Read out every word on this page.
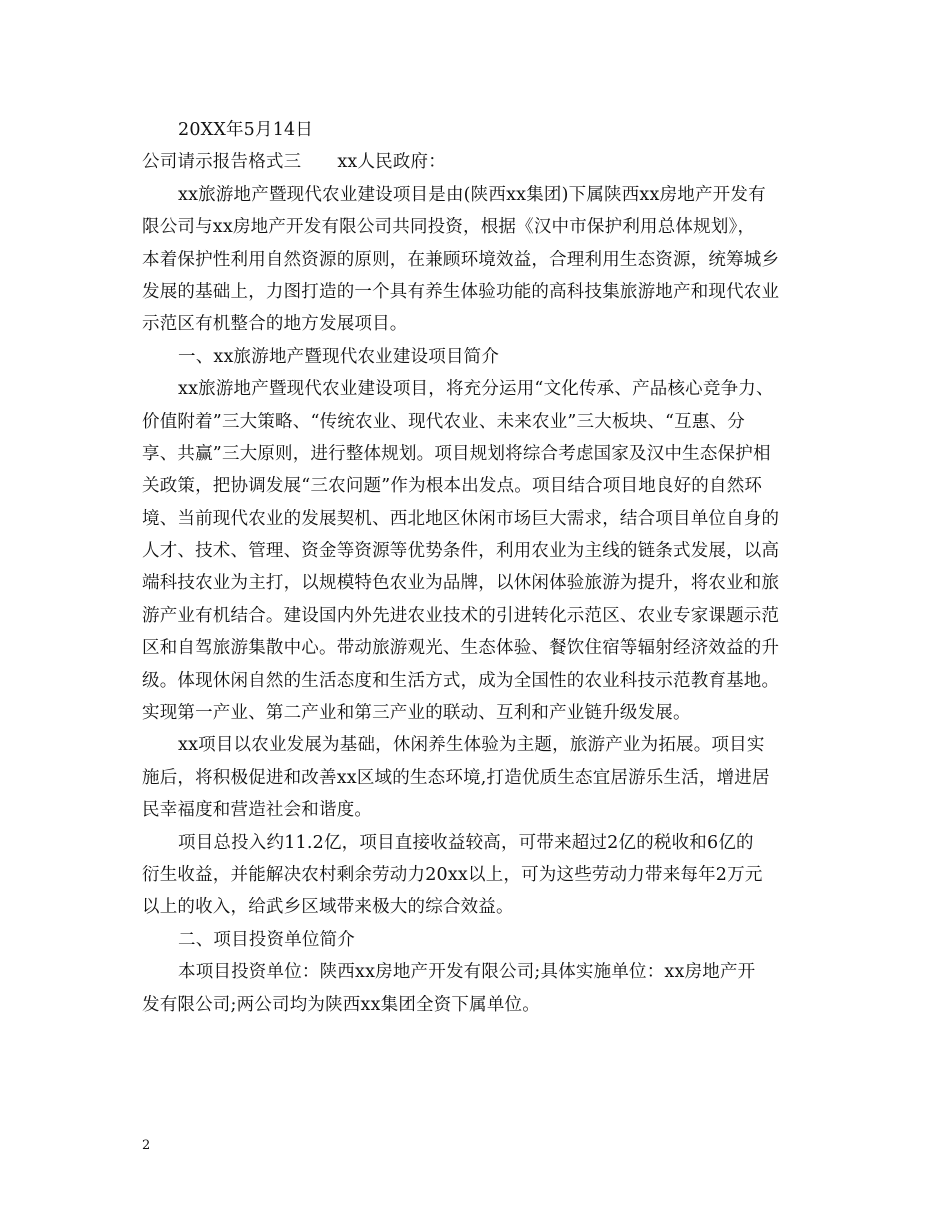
20XX年5月14日
公司请示报告格式三 xx人民政府：
xx旅游地产暨现代农业建设项目是由(陕西xx集团)下属陕西xx房地产开发有
限公司与xx房地产开发有限公司共同投资，根据《汉中市保护利用总体规划》，
本着保护性利用自然资源的原则，在兼顾环境效益，合理利用生态资源，统筹城乡
发展的基础上，力图打造的一个具有养生体验功能的高科技集旅游地产和现代农业
示范区有机整合的地方发展项目。
一、xx旅游地产暨现代农业建设项目简介
xx旅游地产暨现代农业建设项目，将充分运用“文化传承、产品核心竞争力、
价值附着”三大策略、“传统农业、现代农业、未来农业”三大板块、“互惠、分
享、共赢”三大原则，进行整体规划。项目规划将综合考虑国家及汉中生态保护相
关政策，把协调发展“三农问题”作为根本出发点。项目结合项目地良好的自然环
境、当前现代农业的发展契机、西北地区休闲市场巨大需求，结合项目单位自身的
人才、技术、管理、资金等资源等优势条件，利用农业为主线的链条式发展，以高
端科技农业为主打，以规模特色农业为品牌，以休闲体验旅游为提升，将农业和旅
游产业有机结合。建设国内外先进农业技术的引进转化示范区、农业专家课题示范
区和自驾旅游集散中心。带动旅游观光、生态体验、餐饮住宿等辐射经济效益的升
级。体现休闲自然的生活态度和生活方式，成为全国性的农业科技示范教育基地。
实现第一产业、第二产业和第三产业的联动、互利和产业链升级发展。
xx项目以农业发展为基础，休闲养生体验为主题，旅游产业为拓展。项目实
施后，将积极促进和改善xx区域的生态环境,打造优质生态宜居游乐生活，增进居
民幸福度和营造社会和谐度。
项目总投入约11.2亿，项目直接收益较高，可带来超过2亿的税收和6亿的
衍生收益，并能解决农村剩余劳动力20xx以上，可为这些劳动力带来每年2万元
以上的收入，给武乡区域带来极大的综合效益。
二、项目投资单位简介
本项目投资单位：陕西xx房地产开发有限公司;具体实施单位：xx房地产开
发有限公司;两公司均为陕西xx集团全资下属单位。
2
